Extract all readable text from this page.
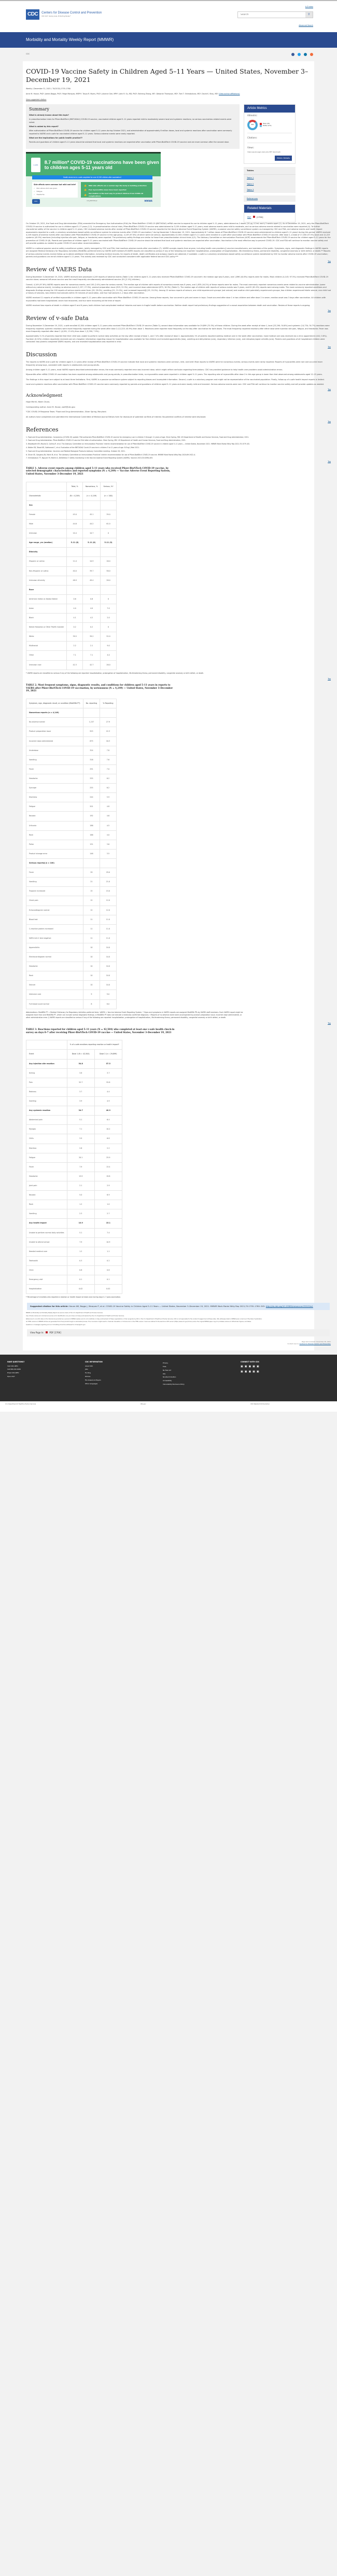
CDC	Centers for Disease Control and Prevention
CDC 24/7: Saving Lives, Protecting People™
A-Z Index
Search
⚲
Advanced Search
Morbidity and Mortality Weekly Report (MMWR)
CDC
COVID-19 Vaccine Safety in Children Aged 5–11 Years — United States, November 3–December 19, 2021
Weekly / December 31, 2021 / 70(5152);1755–1760
Anne M. Hause, PhD¹; James Baggs, PhD¹; Paige Marquez, MSPH¹; Tanya R. Myers, PhD¹; Julianne Gee, MPH¹; John R. Su, MD, PhD¹; Bicheng Zhang, MS¹; Deborah Thompson, MD²; Tom T. Shimabukuro, MD¹; David K. Shay, MD¹ (View author affiliations)
View suggested citation
Summary
What is already known about this topic?

In preauthorization trials for Pfizer-BioNTech (BNT162b2) COVID-19 vaccine, vaccinated children aged 5–11 years reported mild to moderately severe local and systemic reactions; no serious vaccination-related events were noted.

What is added by this report?

After authorization of Pfizer-BioNTech COVID-19 vaccine for children aged 5–11 years during October 2021, and administration of approximately 8 million doses, local and systemic reactions after vaccination were commonly reported to VAERS and v-safe for vaccinated children aged 5–11 years. Serious adverse events were rarely reported.

What are the implications for public health practice??

Parents and guardians of children aged 5–11 years should be advised that local and systemic reactions are expected after vaccination with Pfizer-BioNTech COVID-19 vaccine and are more common after the second dose.

v-safe
8.7 million* COVID-19 vaccinations have been given to children ages 5-11 years old
Health check-ins to v-safe completed for over 42,000 children after vaccination†
Side effects were common but mild and brief
✓ Pain where shot was given
✓ Fatigue
✓ Headache
👍 Mild side effects are a normal sign the body is building protection
👍 Few myocarditis cases have been reported
👍 Vaccination is the best way to protect children from COVID-19 complications
CDC	bit.ly/MM7051e2	MMWR
Article Metrics
Altmetric:
869
News (29)
Twitter (974)
Citations:
Views:
Views equals page views plus PDF downloads
Metric Details
Tables
Table 1
Table 2
Table 3
References
Related Materials
PDF	[276K]

On October 29, 2021, the Food and Drug Administration (FDA) amended the Emergency Use Authorization (EUA) for Pfizer-BioNTech COVID-19 (BNT162b2) mRNA vaccine to expand its use to children aged 5–11 years, administered as 2 doses (10 µg, 0.2mL each) 3 weeks apart (1). As of December 19, 2021, only the Pfizer-BioNTech COVID-19 vaccine is authorized for use in children aged 5–17 years (2,3). In preauthorization clinical trials, Pfizer-BioNTech COVID-19 vaccine was administered to 3,109 children aged 5–11 years; most adverse events were mild to moderate, and no serious adverse events related to vaccination were reported (4). To further characterize safety of the vaccine in children aged 5–11 years, CDC reviewed adverse events after receipt of Pfizer-BioNTech COVID-19 vaccine reported to the Vaccine Adverse Event Reporting System (VAERS), a passive vaccine safety surveillance system co-managed by CDC and FDA, and adverse events and health impact assessments reported to v-safe, a voluntary smartphone-based safety surveillance system for adverse events after COVID-19 vaccination,* during November 3–December 19, 2021. Approximately 8.7 million doses of Pfizer-BioNTech COVID-19 vaccine were administered to children aged 5–11 years† during this period; VAERS received 4,249 reports of adverse events after vaccination with Pfizer-BioNTech COVID-19 vaccine in this age group, 4,149 (97.6%) of which were not serious. Approximately 42,504 children aged 5–11 years were enrolled in v-safe after vaccination with Pfizer-BioNTech COVID-19 vaccine; after dose 2, a total of 17,180 (57.5%) local and 12,223 systemic (40.9%) reactions (including injection-site pain, fatigue, or headache) were reported. The preliminary safety findings are similar to those from preauthorization clinical trials (4,5). The Advisory Committee on Immunization Practices (ACIP) recommends the Pfizer-BioNTech COVID-19 vaccine for children aged 5–11 years for the prevention of COVID-19 (6). Parents and guardians of children aged 5–11 years vaccinated with Pfizer-BioNTech COVID-19 vaccine should be advised that local and systemic reactions are expected after vaccination. Vaccination is the most effective way to prevent COVID-19. CDC and FDA will continue to monitor vaccine safety and will provide updates as needed to guide COVID-19 vaccination recommendations.

VAERS is a national passive vaccine safety surveillance system, jointly managed by CDC and FDA, that monitors adverse events after vaccination (7). VAERS accepts reports from anyone, including health care providers,§ vaccine manufacturers, and members of the public. Symptoms, signs, and diagnostic findings in VAERS reports are assigned Medical Dictionary for Regulatory Activities (MedDRA) preferred terms by VAERS staff members.¶ VAERS reports are classified as serious if any of the following are reported: hospitalization, prolongation of hospitalization, life-threatening illness, permanent disability, congenital anomaly or birth defect, or death.** Reports of serious adverse events receive follow-up to obtain additional information, including medical records; for reports of death, death certificates and autopsy reports are obtained, if available. v-safe is a voluntary smartphone-based safety surveillance system established by CDC to monitor adverse events after COVID-19 vaccination; parents and guardians can enroll children aged 5–11 years. This activity was reviewed by CDC and conducted consistent with applicable federal law and CDC policy.***

Top
Review of VAERS Data

During November 3–December 19, 2021, VAERS received and processed 4,249 reports of adverse events (Table 1) for children aged 5–11 years who received Pfizer-BioNTech COVID-19 vaccine††; the median age was 8 years, and 1,896 (44.6%) reports were for males. Most children (4,143; 97.5%) received Pfizer-BioNTech COVID-19 vaccine alone; seasonal influenza vaccine was the most frequently simultaneously administered vaccine (91 [2.1%] children).

Overall, 4,149 (97.6%) VAERS reports were for nonserious events, and 100 (2.4%) were for serious events. The median age of children with reports of nonserious events was 8 years, and 1,835 (44.2%) of these reports were for males. The most commonly reported nonserious events were related to vaccine administration (some without any adverse event), including no adverse event (1,157; 27.9%), product preparation issue (925; 22.3%), and incorrect dose administered (675; 16.3%) (Table 2). The median age of children with reports of serious events was 9 years, and 61 (61.0%) reports were among males. The most commonly reported conditions and diagnostic findings among the 100 reports of serious events were fever (29; 29.0%), vomiting (21; 21.0%), and increased troponin§§ (15; 15.0%). Among 12 serious reports of seizure, one child experienced syncope (not seizure) and another child potentially experienced syncope, two children experienced febrile seizure, one child had a history of seizures, two children had seizures within 30 minutes of vaccination, and four had seizures 1–2 days after vaccination.

VAERS received 11 reports of verified myocarditis in children aged 5–11 years after vaccination with Pfizer-BioNTech COVID-19 vaccine. Among these reports, four occurred in girls and seven in boys. Onset occurred after dose 1 in two children and after dose 2 in seven; median onset was 3 days after vaccination. All children with myocarditis had been hospitalized; seven had recovered, and four were recovering at the time of report.

VAERS received two reports of death in children aged 5 and 6 years; both children had complicated medical histories and were in fragile health before vaccination. Neither death report had preliminary findings suggestive of a causal association between death and vaccination. Review of these reports is ongoing.

Top
Review of v-safe Data

During November 3–December 19, 2021, v-safe enrolled 42,504 children aged 5–11 years who received Pfizer-BioNTech COVID-19 vaccine (Table 3); second dose information was available for 29,899 (70.3%) of these children. During the week after receipt of dose 1, local (23,290; 54.8%) and systemic (14,734; 34.7%) reactions were frequently reported; systemic reactions were more frequently reported during the week after dose 2 (12,223; 40.9%) than dose 1. Reactions were reported most frequently on the day after vaccination for both doses. The most frequently reported reactions after either dose were injection site pain, fatigue, and headache. Fever was more frequently reported after dose 2 (4,001; 13.4%) than dose 1 (3,350; 7.9%).

Approximately 5.1% of parents reported that their child was unable to perform normal daily activities on the day after receipt of dose 1, and 7.4% after receipt of dose 2. Approximately 1% of parents reported seeking medical care in the week after vaccination; most medical care was received via a clinic appointment (441; 0.6%). Fourteen (0.02%) children reportedly received care at a hospital; information regarding reason for hospitalization was available for five children and included appendicitis (two), vomiting and dehydration (one), respiratory infection (one), and retropharyngeal cellulitis (one). Parents and guardians of all hospitalized children were contacted: two parents completed VAERS reports, and one revealed hospitalization was reported in error.

Top
Discussion

The reports to VAERS and v-safe for children aged 5–11 years after receipt of Pfizer-BioNTech COVID-19 vaccine indicate that local and systemic reactions were common, mild, and brief. Most reports to VAERS were for nonserious events; serious events were rarely reported. Reports of myocarditis were rare and occurred more frequently among boys, consistent with reports in adolescents and young adults.

Among children aged 5–11 years, most VAERS reports described administration errors; the most commonly reported error was incorrect dose, which might reflect confusion regarding formulations. CDC has provided guidance to help health care providers avoid administration errors.

Myocarditis after mRNA COVID-19 vaccination has been reported among adolescents and young adults; in preauthorization trials, no myocarditis cases were reported in children aged 5–11 years. The reporting rate of myocarditis after dose 2 in this age group is lower than that observed among adolescents aged 12–15 years.

The findings in this report are subject to at least three limitations. First, VAERS is a passive surveillance system subject to reporting biases and incomplete information. Second, v-safe is a voluntary program and might not be representative of the vaccinated population. Finally, follow-up of v-safe health impact reports is limited.

Local and systemic reactions after vaccination with Pfizer-BioNTech COVID-19 vaccine were commonly reported by parents and guardians of children aged 5–11 years and were mostly mild and transient. Serious adverse events were rare. CDC and FDA will continue to monitor vaccine safety and will provide updates as needed.

Top
Acknowledgment

Hope Merrill, Nkem Chuks.

Corresponding author: Anne M. Hause, voe5@cdc.gov.

¹CDC COVID-19 Response Team; ²Food and Drug Administration, Silver Spring, Maryland.

All authors have completed and submitted the International Committee of Medical Journal Editors form for disclosure of potential conflicts of interest. No potential conflicts of interest were disclosed.

Top
References

1. Food and Drug Administration. Coronavirus (COVID-19) update: FDA authorizes Pfizer-BioNTech COVID-19 vaccine for emergency use in children 5 through 11 years of age. Silver Spring, MD: US Department of Health and Human Services, Food and Drug Administration; 2021.

2. Food and Drug Administration. Pfizer-BioNTech COVID-19 vaccine EUA letter of authorization. Silver Spring, MD: US Department of Health and Human Services, Food and Drug Administration; 2021.

3. Woodworth KR, Moulia D, Collins JP, et al. The Advisory Committee on Immunization Practices' interim recommendation for use of Pfizer-BioNTech COVID-19 vaccine in children aged 5–11 years — United States, November 2021. MMWR Morb Mortal Wkly Rep 2021;70:1579–83.

4. Walter EB, Talaat KR, Sabharwal C, et al. Evaluation of the BNT162b2 Covid-19 vaccine in children 5 to 11 years of age. N Engl J Med 2021.

5. Food and Drug Administration. Vaccines and Related Biological Products Advisory Committee meeting. October 26, 2021.

6. Oliver SE, Gargano JW, Marin M, et al. The Advisory Committee on Immunization Practices' interim recommendation for use of Pfizer-BioNTech COVID-19 vaccine. MMWR Morb Mortal Wkly Rep 2020;69:1922–4.

7. Shimabukuro TT, Nguyen M, Martin D, DeStefano F. Safety monitoring in the Vaccine Adverse Event Reporting System (VAERS). Vaccine 2015;33:4398–405.

Top
TABLE 1. Adverse event reports among children aged 5–11 years who received Pfizer-BioNTech COVID-19 vaccine, by selected demographic characteristics and reported symptoms (N = 4,249) — Vaccine Adverse Event Reporting System, United States, November 3–December 19, 2021
	Total, %	Nonserious, %	Serious, %*
Characteristic	(N = 4,249)	(n = 4,149)	(n = 100)
Sex			
Female	45.0	45.1	39.0
Male	44.6	44.2	61.0
Unknown	10.4	10.7	0
Age range, yrs (median)	5–11 (8)	5–11 (8)	5–11 (9)
Ethnicity			
Hispanic or Latino	11.0	10.9	16.0
Non-Hispanic or Latino	40.0	39.7	56.0
Unknown ethnicity	48.9	49.4	28.0
Race			
American Indian or Alaska Native	0.6	0.6	0
Asian	4.0	4.0	7.0
Black	4.1	4.2	2.0
Native Hawaiian or Other Pacific Islander	0.2	0.2	0
White	39.5	39.2	52.0
Multiracial	2.2	2.1	9.0
Other	7.1	7.1	4.0
Unknown race	42.3	42.7	26.0
* VAERS reports are classified as serious if any of the following are reported: hospitalization, prolongation of hospitalization, life-threatening illness, permanent disability, congenital anomaly or birth defect, or death.
Top
TABLE 2. Most frequent symptoms, signs, diagnostic results, and conditions for children aged 5–11 years in reports to VAERS after Pfizer-BioNTech COVID-19 vaccination, by seriousness (N = 4,249) — United States, November 3–December 19, 2021
Symptom, sign, diagnostic result, or condition (MedDRA PT)	No. reporting	% Reporting
Nonserious reports (n = 4,149)		
No adverse event†	1,157	27.9
Product preparation issue	925	22.3
Incorrect dose administered	675	16.3
Underdose	324	7.8
Vomiting	316	7.6
Fever	291	7.0
Headache	255	6.2
Syncope	255	6.2
Dizziness	244	5.9
Fatigue	201	4.8
Nausea	192	4.6
Urticaria	186	4.5
Rash	166	4.0
Pallor	151	3.6
Product storage error	146	3.5
Serious reports§ (n = 100)		
Fever	29	29.0
Vomiting	21	21.0
Troponin increased	15	15.0
Chest pain	12	12.0
Echocardiogram normal	12	12.0
Blood test	11	11.0
C-reactive protein increased	11	11.0
SARS-CoV-2 test negative	11	11.0
Appendicitis	10	10.0
Electrocardiogram normal	10	10.0
Headache	10	10.0
Rash	10	10.0
Seizure	10	10.0
Intensive care	9	9.0
Full blood count normal	8	8.0
Abbreviations: MedDRA PT = Medical Dictionary for Regulatory Activities preferred term; VAERS = Vaccine Adverse Event Reporting System. * Signs and symptoms in VAERS reports are assigned MedDRA PTs by VAERS staff members. Each VAERS report might be assigned more than one MedDRA PT, which can include normal diagnostic findings. A MedDRA PT does not indicate a medically confirmed diagnosis. † Reports of no adverse event were accompanied by product preparation issue, incorrect dose administered, or other administration error. § VAERS reports are classified as serious if any of the following are reported: hospitalization, prolongation of hospitalization, life-threatening illness, permanent disability, congenital anomaly or birth defect, or death.
Top
TABLE 3. Reactions reported for children aged 5–11 years (N = 42,504) who completed at least one v-safe health check-in survey on days 0–7 after receiving Pfizer-BioNTech COVID-19 vaccine — United States, November 3–December 19, 2021
	% of v-safe enrollees reporting reaction or health impact*	
Event	Dose 1 (N = 42,504)	Dose 2 (n = 29,899)
Any injection site reaction	54.8	57.5
Itching	3.8	3.7
Pain	52.7	55.8
Redness	3.7	4.4
Swelling	3.9	4.9
Any systemic reaction	34.7	40.9
Abdominal pain	5.1	6.4
Myalgia	7.1	10.2
Chills	3.9	6.8
Diarrhea	2.6	2.2
Fatigue	20.1	25.9
Fever	7.9	13.4
Headache	13.9	19.8
Joint pain	2.1	2.9
Nausea	5.0	6.9
Rash	1.2	1.0
Vomiting	2.3	2.7
Any health impact	10.9	15.1
Unable to perform normal daily activities	5.1	7.4
Unable to attend school	7.9	10.9
Needed medical care	1.2	1.1
Telehealth	0.3	0.2
Clinic	0.6	0.6
Emergency visit	0.1	0.1
Hospitalization	0.02	0.02
* Percentage of enrollees who reported a reaction or health impact at least once during days 0–7 post-vaccination.
Suggested citation for this article: Hause AM, Baggs J, Marquez P, et al. COVID-19 Vaccine Safety in Children Aged 5–11 Years — United States, November 3–December 19, 2021. MMWR Morb Mortal Wkly Rep 2021;70:1755–1760. DOI: http://dx.doi.org/10.15585/mmwr.mm705152a1
MMWR and Morbidity and Mortality Weekly Report are service marks of the U.S. Department of Health and Human Services.
Use of trade names and commercial sources is for identification only and does not imply endorsement by the U.S. Department of Health and Human Services.
References to non-CDC sites on the Internet are provided as a service to MMWR readers and do not constitute or imply endorsement of these organizations or their programs by CDC or the U.S. Department of Health and Human Services. CDC is not responsible for the content of pages found at these sites. URL addresses listed in MMWR were current as of the date of publication.
All HTML versions of MMWR articles are generated from final proofs through an automated process. This conversion might result in character translation or format errors in the HTML version. Users are referred to the electronic PDF version (https://www.cdc.gov/mmwr) and/or the original MMWR paper copy for printable versions of official text, figures, and tables.
Questions or messages regarding errors in formatting should be addressed to mmwrq@cdc.gov.
View Page In:	PDF [276K]
Page last reviewed: December 30, 2021
Content source: Centers for Disease Control and Prevention
HAVE QUESTIONS?
Visit CDC-INFO
Call 800-232-4636
Email CDC-INFO
Open 24/7
CDC INFORMATION
About CDC
Jobs
Funding
Policies
File Viewers & Players
Other Languages
Privacy
FOIA
No Fear Act
OIG
Nondiscrimination
Accessibility
Vulnerability Disclosure Policy
CONNECT WITH CDC
▣▣▣▣▣
▣▣▣▣▣
U.S. Department of Health & Human Services	USA.gov	CDC Website Exit Disclaimer
